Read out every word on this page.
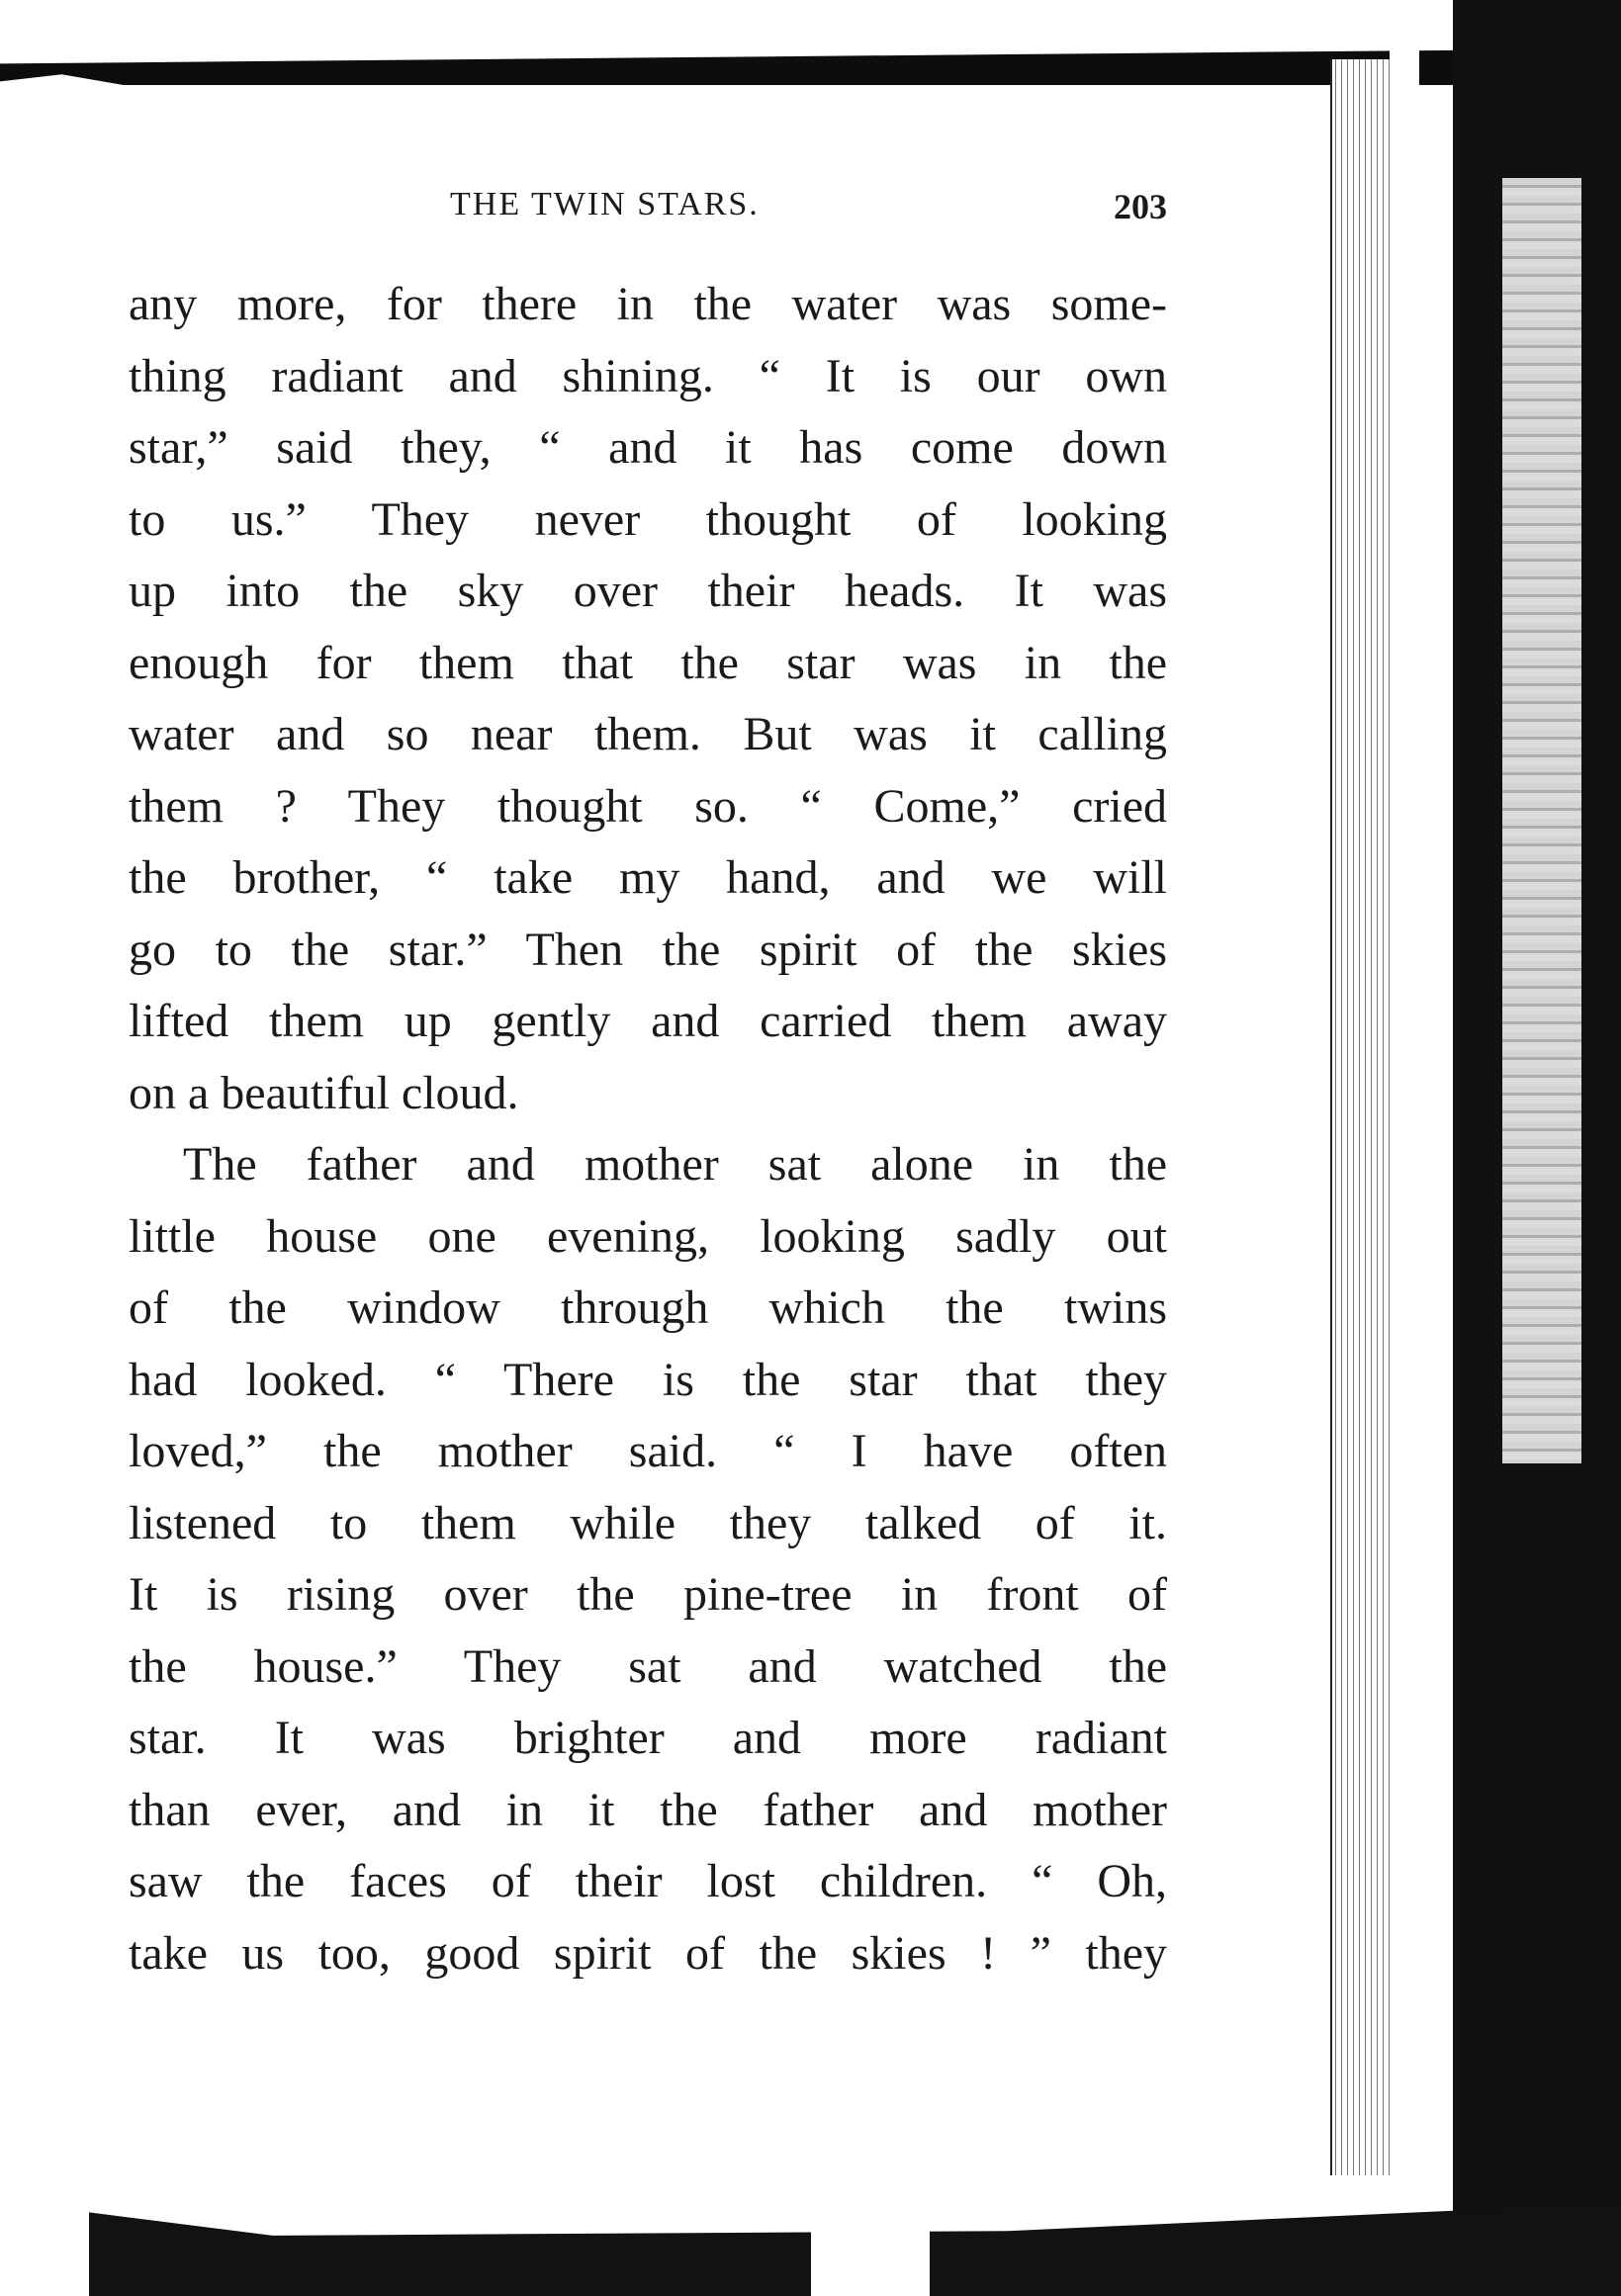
THE TWIN STARS.	203
any more, for there in the water was some-
thing radiant and shining. “ It is our own
star,” said they, “ and it has come down
to us.” They never thought of looking
up into the sky over their heads. It was
enough for them that the star was in the
water and so near them. But was it calling
them ? They thought so. “ Come,” cried
the brother, “ take my hand, and we will
go to the star.” Then the spirit of the skies
lifted them up gently and carried them away
on a beautiful cloud.
The father and mother sat alone in the
little house one evening, looking sadly out
of the window through which the twins
had looked. “ There is the star that they
loved,” the mother said. “ I have often
listened to them while they talked of it.
It is rising over the pine-tree in front of
the house.” They sat and watched the
star. It was brighter and more radiant
than ever, and in it the father and mother
saw the faces of their lost children. “ Oh,
take us too, good spirit of the skies ! ” they
